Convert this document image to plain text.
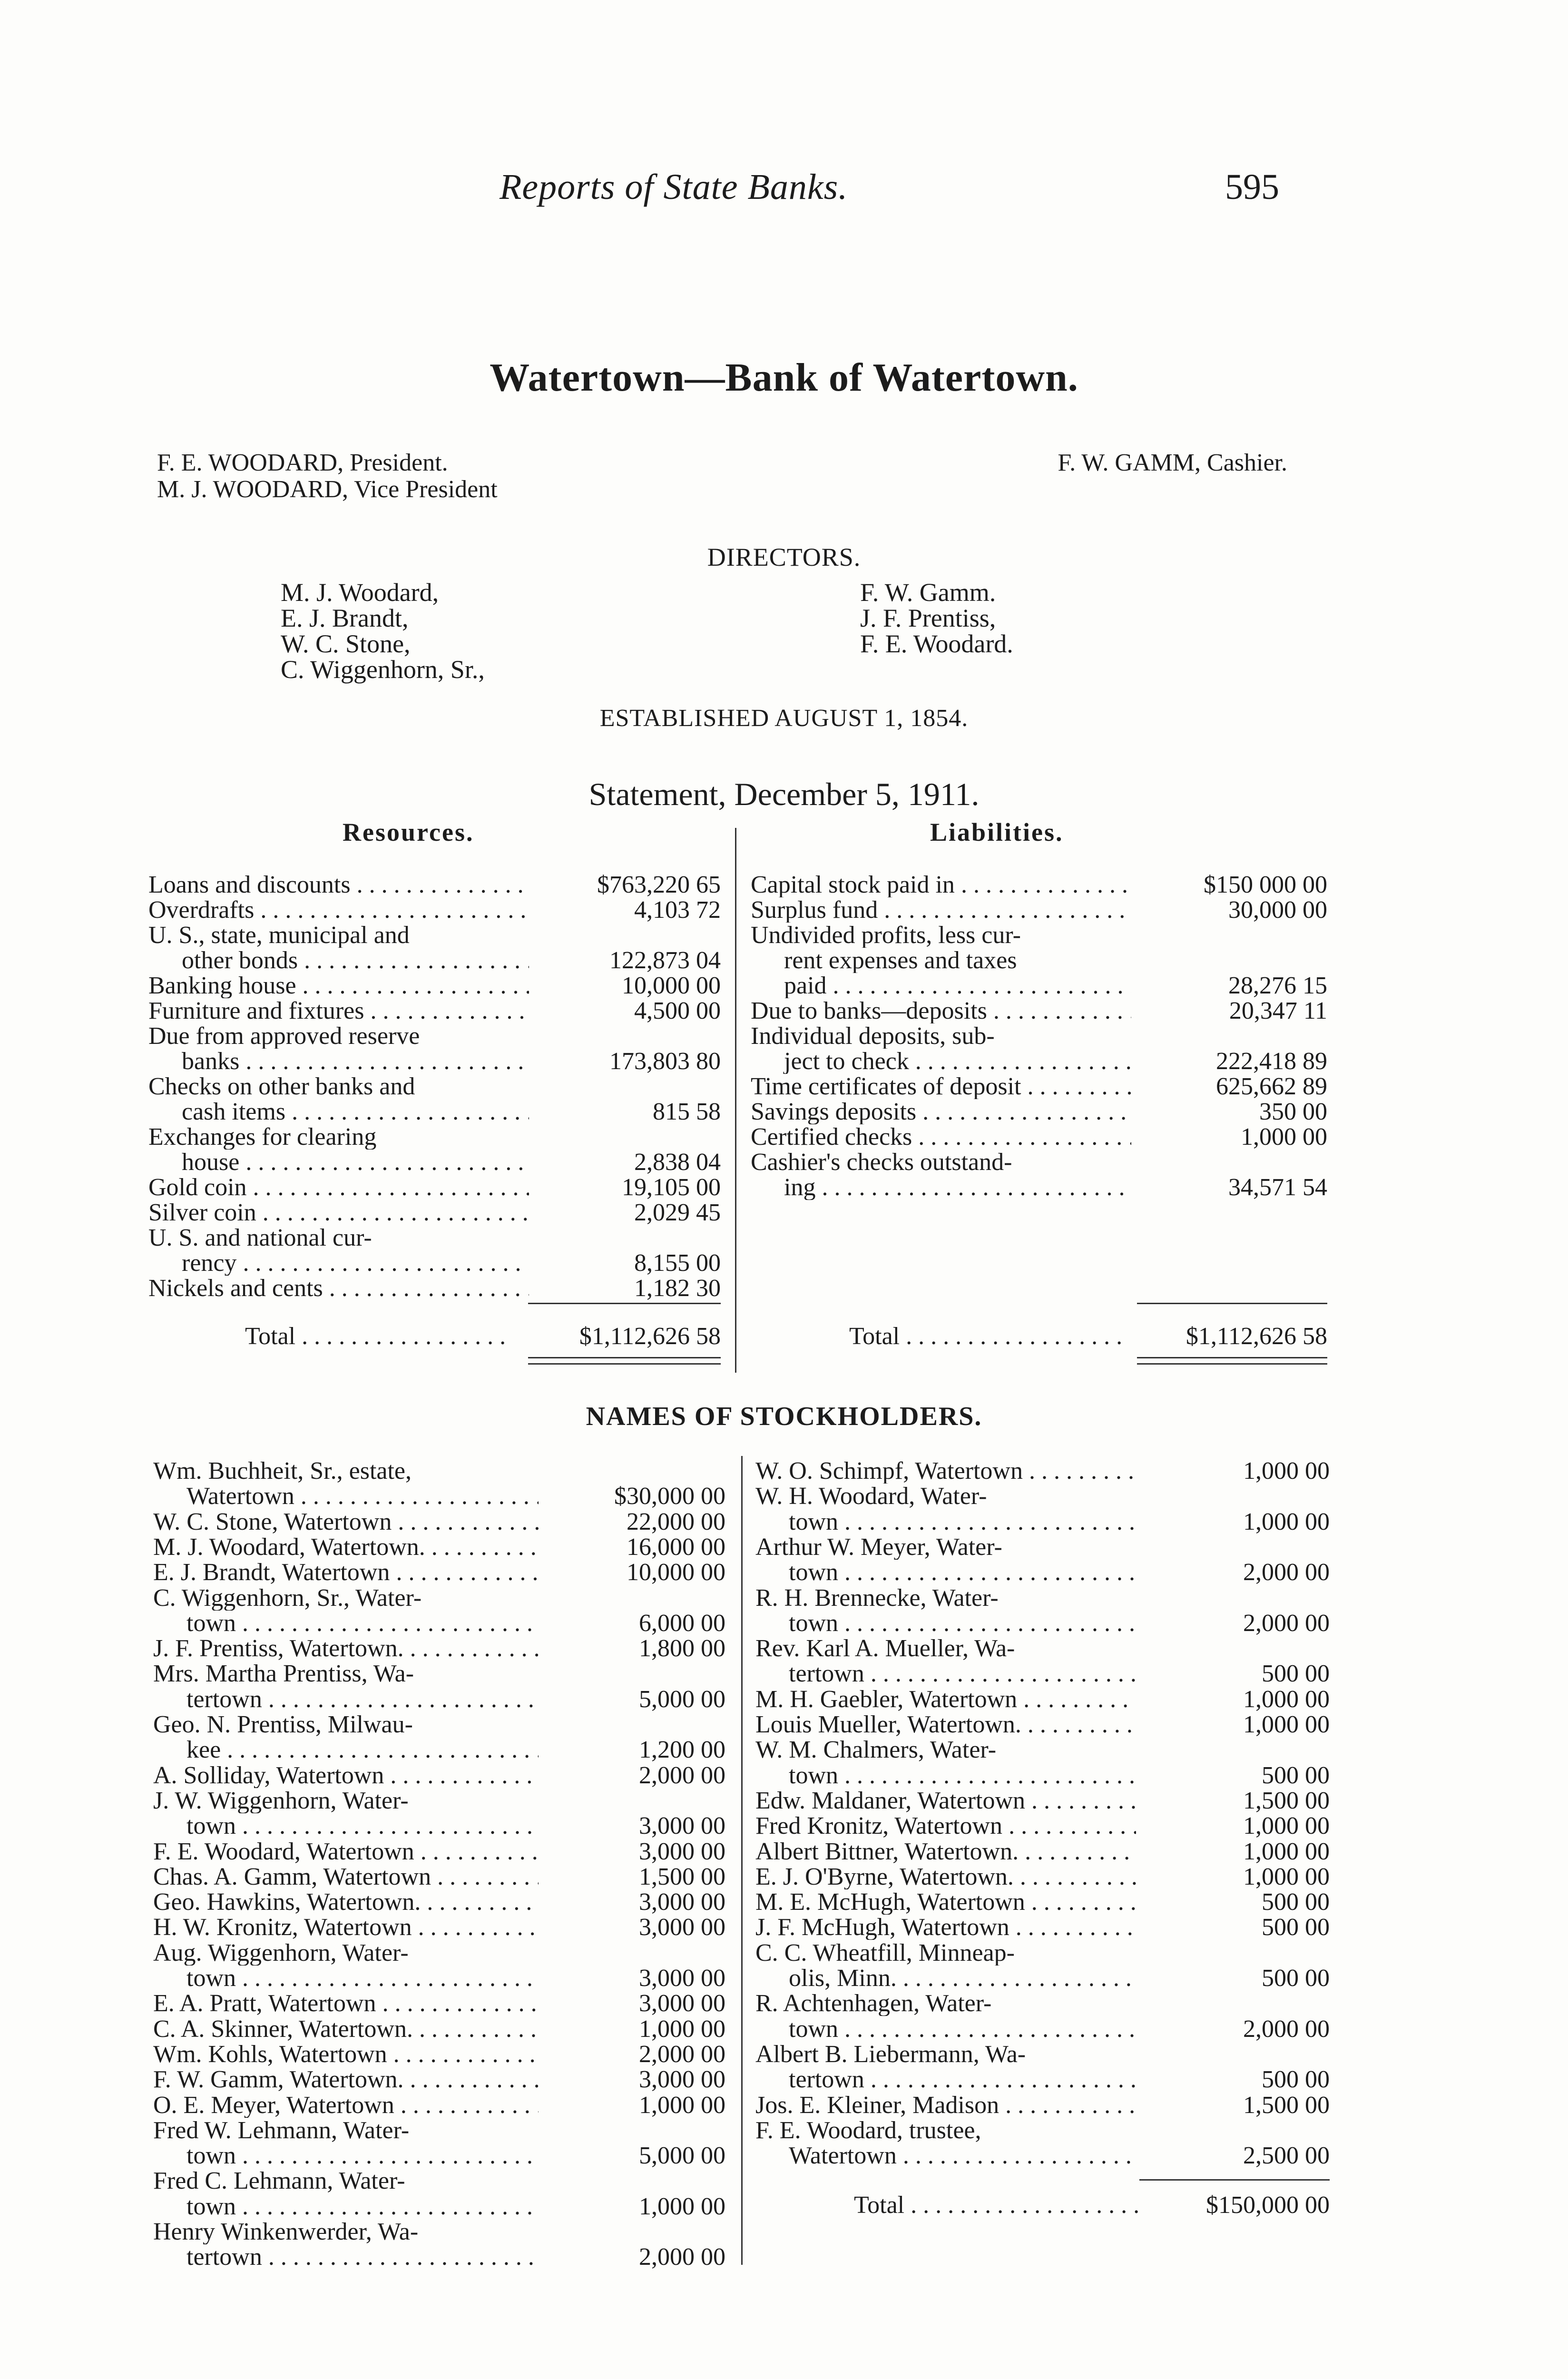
Reports of State Banks.	595
Watertown—Bank of Watertown.
F. E. WOODARD, President.
M. J. WOODARD, Vice President
F. W. GAMM, Cashier.
DIRECTORS.
M. J. Woodard,
E. J. Brandt,
W. C. Stone,
C. Wiggenhorn, Sr.,
F. W. Gamm.
J. F. Prentiss,
F. E. Woodard.
ESTABLISHED AUGUST 1, 1854.
Statement, December 5, 1911.
Resources.	Liabilities.
Loans and discounts . . .	$763,220 65
Overdrafts . . .	4,103 72
U. S., state, municipal and
other bonds . . .	122,873 04
Banking house . . .	10,000 00
Furniture and fixtures . . .	4,500 00
Due from approved reserve
banks . . .	173,803 80
Checks on other banks and
cash items . . .	815 58
Exchanges for clearing
house . . .	2,838 04
Gold coin . . .	19,105 00
Silver coin . . .	2,029 45
U. S. and national cur-
rency . . .	8,155 00
Nickels and cents . . .	1,182 30
Capital stock paid in . . .	$150 000 00
Surplus fund . . .	30,000 00
Undivided profits, less cur-
rent expenses and taxes
paid . . .	28,276 15
Due to banks—deposits . . .	20,347 11
Individual deposits, sub-
ject to check . . .	222,418 89
Time certificates of deposit . . .	625,662 89
Savings deposits . . .	350 00
Certified checks . . .	1,000 00
Cashier's checks outstand-
ing . . .	34,571 54
Total . . .	$1,112,626 58	Total . . .	$1,112,626 58
NAMES OF STOCKHOLDERS.
Wm. Buchheit, Sr., estate,
Watertown . . .	$30,000 00
W. C. Stone, Watertown . . .	22,000 00
M. J. Woodard, Watertown. . . .	16,000 00
E. J. Brandt, Watertown . . .	10,000 00
C. Wiggenhorn, Sr., Water-
town . . .	6,000 00
J. F. Prentiss, Watertown. . . .	1,800 00
Mrs. Martha Prentiss, Wa-
tertown . . .	5,000 00
Geo. N. Prentiss, Milwau-
kee . . .	1,200 00
A. Solliday, Watertown . . .	2,000 00
J. W. Wiggenhorn, Water-
town . . .	3,000 00
F. E. Woodard, Watertown . . .	3,000 00
Chas. A. Gamm, Watertown . . .	1,500 00
Geo. Hawkins, Watertown. . . .	3,000 00
H. W. Kronitz, Watertown . . .	3,000 00
Aug. Wiggenhorn, Water-
town . . .	3,000 00
E. A. Pratt, Watertown . . .	3,000 00
C. A. Skinner, Watertown. . . .	1,000 00
Wm. Kohls, Watertown . . .	2,000 00
F. W. Gamm, Watertown. . . .	3,000 00
O. E. Meyer, Watertown . . .	1,000 00
Fred W. Lehmann, Water-
town . . .	5,000 00
Fred C. Lehmann, Water-
town . . .	1,000 00
Henry Winkenwerder, Wa-
tertown . . .	2,000 00
W. O. Schimpf, Watertown . . .	1,000 00
W. H. Woodard, Water-
town . . .	1,000 00
Arthur W. Meyer, Water-
town . . .	2,000 00
R. H. Brennecke, Water-
town . . .	2,000 00
Rev. Karl A. Mueller, Wa-
tertown . . .	500 00
M. H. Gaebler, Watertown . . .	1,000 00
Louis Mueller, Watertown. . . .	1,000 00
W. M. Chalmers, Water-
town . . .	500 00
Edw. Maldaner, Watertown . . .	1,500 00
Fred Kronitz, Watertown . . .	1,000 00
Albert Bittner, Watertown. . . .	1,000 00
E. J. O'Byrne, Watertown. . . .	1,000 00
M. E. McHugh, Watertown . . .	500 00
J. F. McHugh, Watertown . . .	500 00
C. C. Wheatfill, Minneap-
olis, Minn. . . .	500 00
R. Achtenhagen, Water-
town . . .	2,000 00
Albert B. Liebermann, Wa-
tertown . . .	500 00
Jos. E. Kleiner, Madison . . .	1,500 00
F. E. Woodard, trustee,
Watertown . . .	2,500 00
Total . . .	$150,000 00
